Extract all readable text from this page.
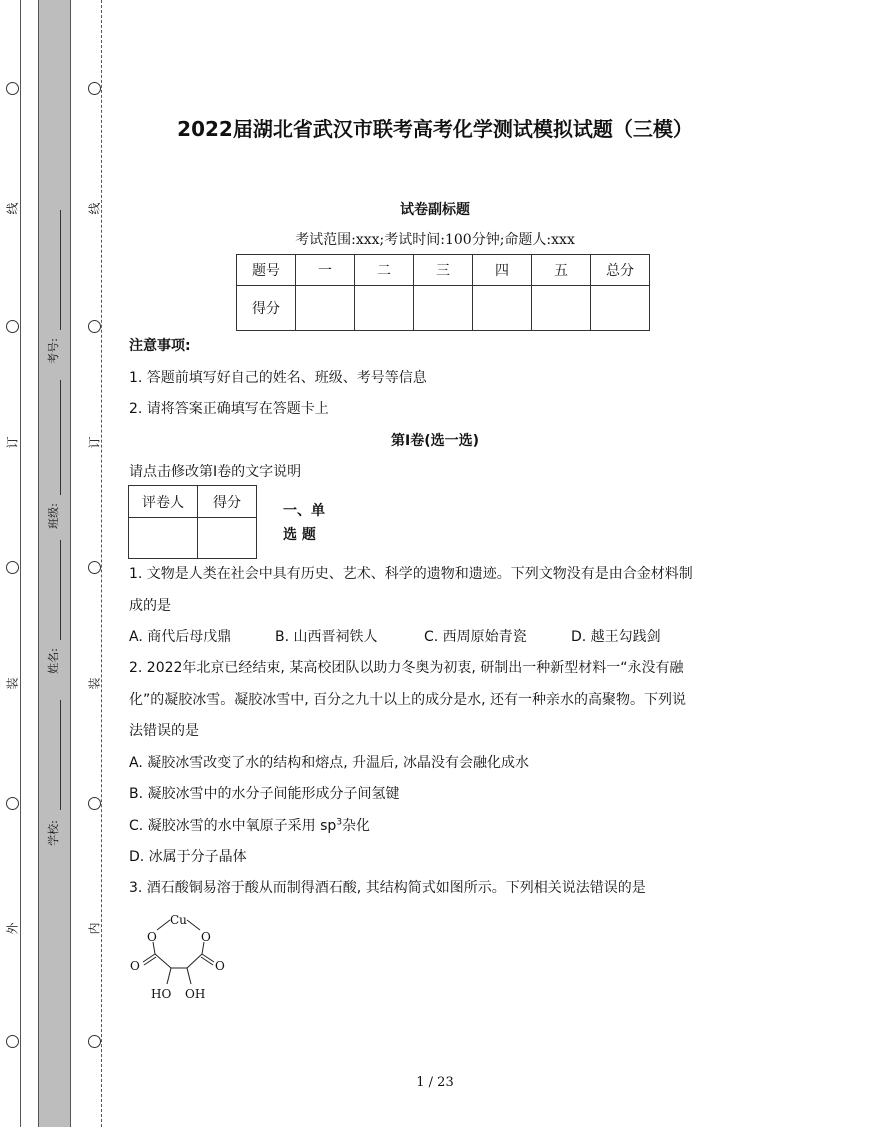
线
订
装
外
线
订
装
内
考号:
班级:
姓名:
学校:
2022届湖北省武汉市联考高考化学测试模拟试题（三模）
试卷副标题
考试范围:xxx;考试时间:100分钟;命题人:xxx
题号	一	二	三	四	五	总分
得分						
注意事项:
1. 答题前填写好自己的姓名、班级、考号等信息
2. 请将答案正确填写在答题卡上
第I卷(选一选)
请点击修改第I卷的文字说明
评卷人	得分

一、单
选 题
1. 文物是人类在社会中具有历史、艺术、科学的遗物和遗迹。下列文物没有是由合金材料制
成的是
A. 商代后母戊鼎	B. 山西晋祠铁人	C. 西周原始青瓷	D. 越王勾践剑
2. 2022年北京已经结束, 某高校团队以助力冬奥为初衷, 研制出一种新型材料一“永没有融
化”的凝胶冰雪。凝胶冰雪中, 百分之九十以上的成分是水, 还有一种亲水的高聚物。下列说
法错误的是
A. 凝胶冰雪改变了水的结构和熔点, 升温后, 冰晶没有会融化成水
B. 凝胶冰雪中的水分子间能形成分子间氢键
C. 凝胶冰雪的水中氧原子采用 $sp^3$杂化
D. 冰属于分子晶体
3. 酒石酸铜易溶于酸从而制得酒石酸, 其结构简式如图所示。下列相关说法错误的是
Cu
O	O
O	O
HO OH
1 / 23
